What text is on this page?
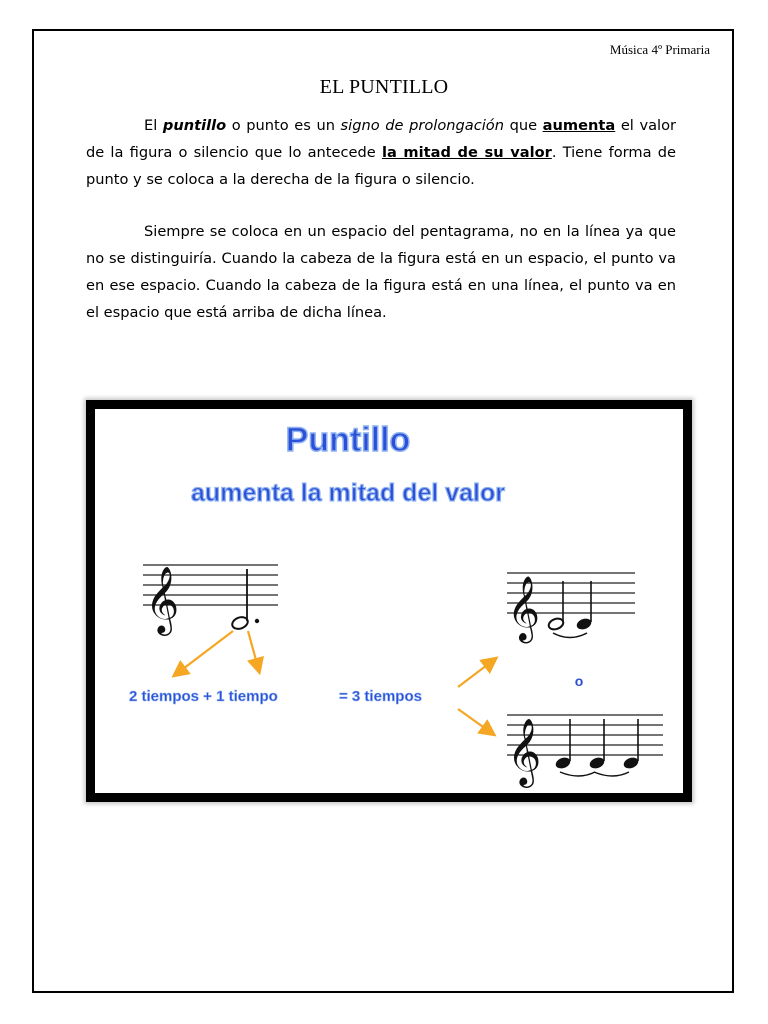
Música 4º Primaria
EL PUNTILLO
El puntillo o punto es un signo de prolongación que aumenta el valor de la figura o silencio que lo antecede la mitad de su valor. Tiene forma de punto y se coloca a la derecha de la figura o silencio.
Siempre se coloca en un espacio del pentagrama, no en la línea ya que no se distinguiría. Cuando la cabeza de la figura está en un espacio, el punto va en ese espacio. Cuando la cabeza de la figura está en una línea, el punto va en el espacio que está arriba de dicha línea.
Puntillo
aumenta la mitad del valor
𝄞
2 tiempos + 1 tiempo	= 3 tiempos
𝄞
o
𝄞
